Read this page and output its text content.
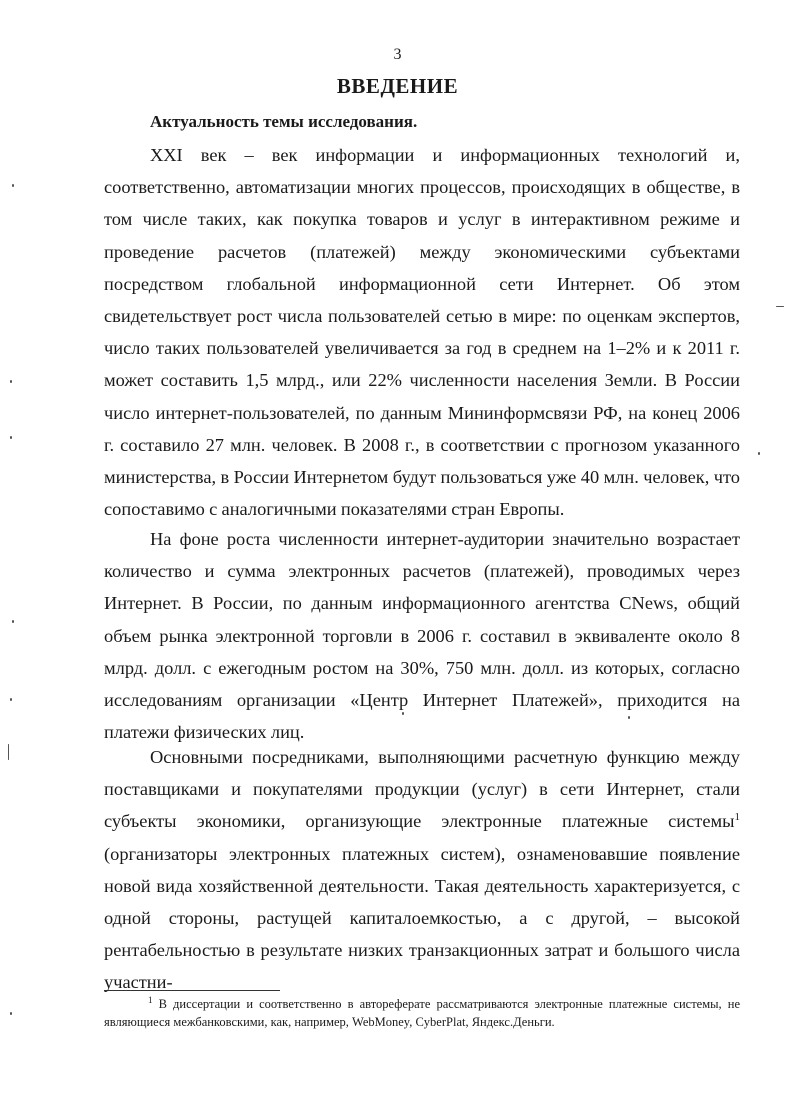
3
ВВЕДЕНИЕ
Актуальность темы исследования.

XXI век – век информации и информационных технологий и, соответственно, автоматизации многих процессов, происходящих в обществе, в том числе таких, как покупка товаров и услуг в интерактивном режиме и проведение расчетов (платежей) между экономическими субъектами посредством глобальной информационной сети Интернет. Об этом свидетельствует рост числа пользователей сетью в мире: по оценкам экспертов, число таких пользователей увеличивается за год в среднем на 1–2% и к 2011 г. может составить 1,5 млрд., или 22% численности населения Земли. В России число интернет-пользователей, по данным Мининформсвязи РФ, на конец 2006 г. составило 27 млн. человек. В 2008 г., в соответствии с прогнозом указанного министерства, в России Интернетом будут пользоваться уже 40 млн. человек, что сопоставимо с аналогичными показателями стран Европы.

На фоне роста численности интернет-аудитории значительно возрастает количество и сумма электронных расчетов (платежей), проводимых через Интернет. В России, по данным информационного агентства CNews, общий объем рынка электронной торговли в 2006 г. составил в эквиваленте около 8 млрд. долл. с ежегодным ростом на 30%, 750 млн. долл. из которых, согласно исследованиям организации «Центр Интернет Платежей», приходится на платежи физических лиц.

Основными посредниками, выполняющими расчетную функцию между поставщиками и покупателями продукции (услуг) в сети Интернет, стали субъекты экономики, организующие электронные платежные системы$^1$ (организаторы электронных платежных систем), ознаменовавшие появление новой вида хозяйственной деятельности. Такая деятельность характеризуется, с одной стороны, растущей капиталоемкостью, а с другой, – высокой рентабельностью в результате низких транзакционных затрат и большого числа участни-

$^1$ В диссертации и соответственно в автореферате рассматриваются электронные платежные системы, не являющиеся межбанковскими, как, например, WebMoney, CyberPlat, Яндекс.Деньги.
